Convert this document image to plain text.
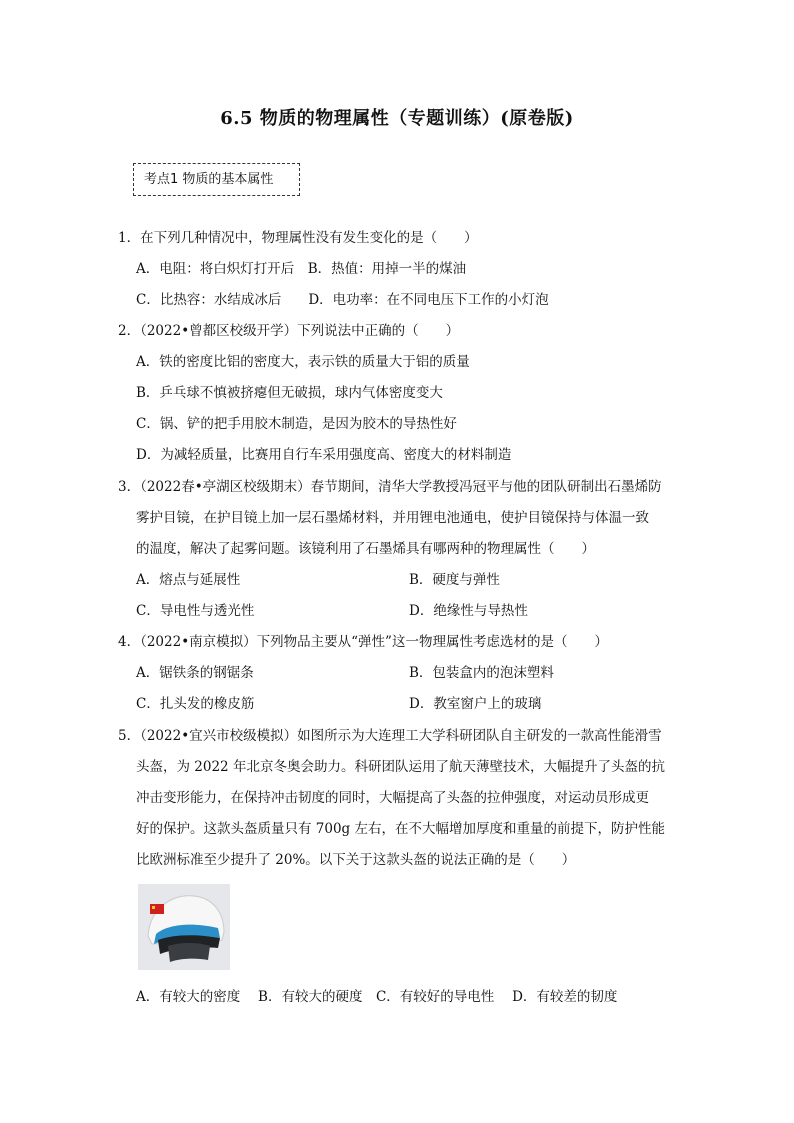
6.5 物质的物理属性（专题训练）(原卷版)
考点1 物质的基本属性
1．在下列几种情况中，物理属性没有发生变化的是（　　）
A．电阻：将白炽灯打开后　B．热值：用掉一半的煤油
C．比热容：水结成冰后　　D．电功率：在不同电压下工作的小灯泡
2．（2022•曾都区校级开学）下列说法中正确的（　　）
A．铁的密度比铝的密度大，表示铁的质量大于铝的质量
B．乒乓球不慎被挤瘪但无破损，球内气体密度变大
C．锅、铲的把手用胶木制造，是因为胶木的导热性好
D．为减轻质量，比赛用自行车采用强度高、密度大的材料制造
3．（2022春•亭湖区校级期末）春节期间，清华大学教授冯冠平与他的团队研制出石墨烯防
雾护目镜，在护目镜上加一层石墨烯材料，并用锂电池通电，使护目镜保持与体温一致
的温度，解决了起雾问题。该镜利用了石墨烯具有哪两种的物理属性（　　）
A．熔点与延展性	B．硬度与弹性
C．导电性与透光性	D．绝缘性与导热性
4．（2022•南京模拟）下列物品主要从“弹性”这一物理属性考虑选材的是（　　）
A．锯铁条的钢锯条	B．包装盒内的泡沫塑料
C．扎头发的橡皮筋	D．教室窗户上的玻璃
5．（2022•宜兴市校级模拟）如图所示为大连理工大学科研团队自主研发的一款高性能滑雪
头盔，为 2022 年北京冬奥会助力。科研团队运用了航天薄壁技术，大幅提升了头盔的抗
冲击变形能力，在保持冲击韧度的同时，大幅提高了头盔的拉伸强度，对运动员形成更
好的保护。这款头盔质量只有 700g 左右，在不大幅增加厚度和重量的前提下，防护性能
比欧洲标准至少提升了 20%。以下关于这款头盔的说法正确的是（　　）
A．有较大的密度　 B．有较大的硬度　C．有较好的导电性　 D．有较差的韧度
